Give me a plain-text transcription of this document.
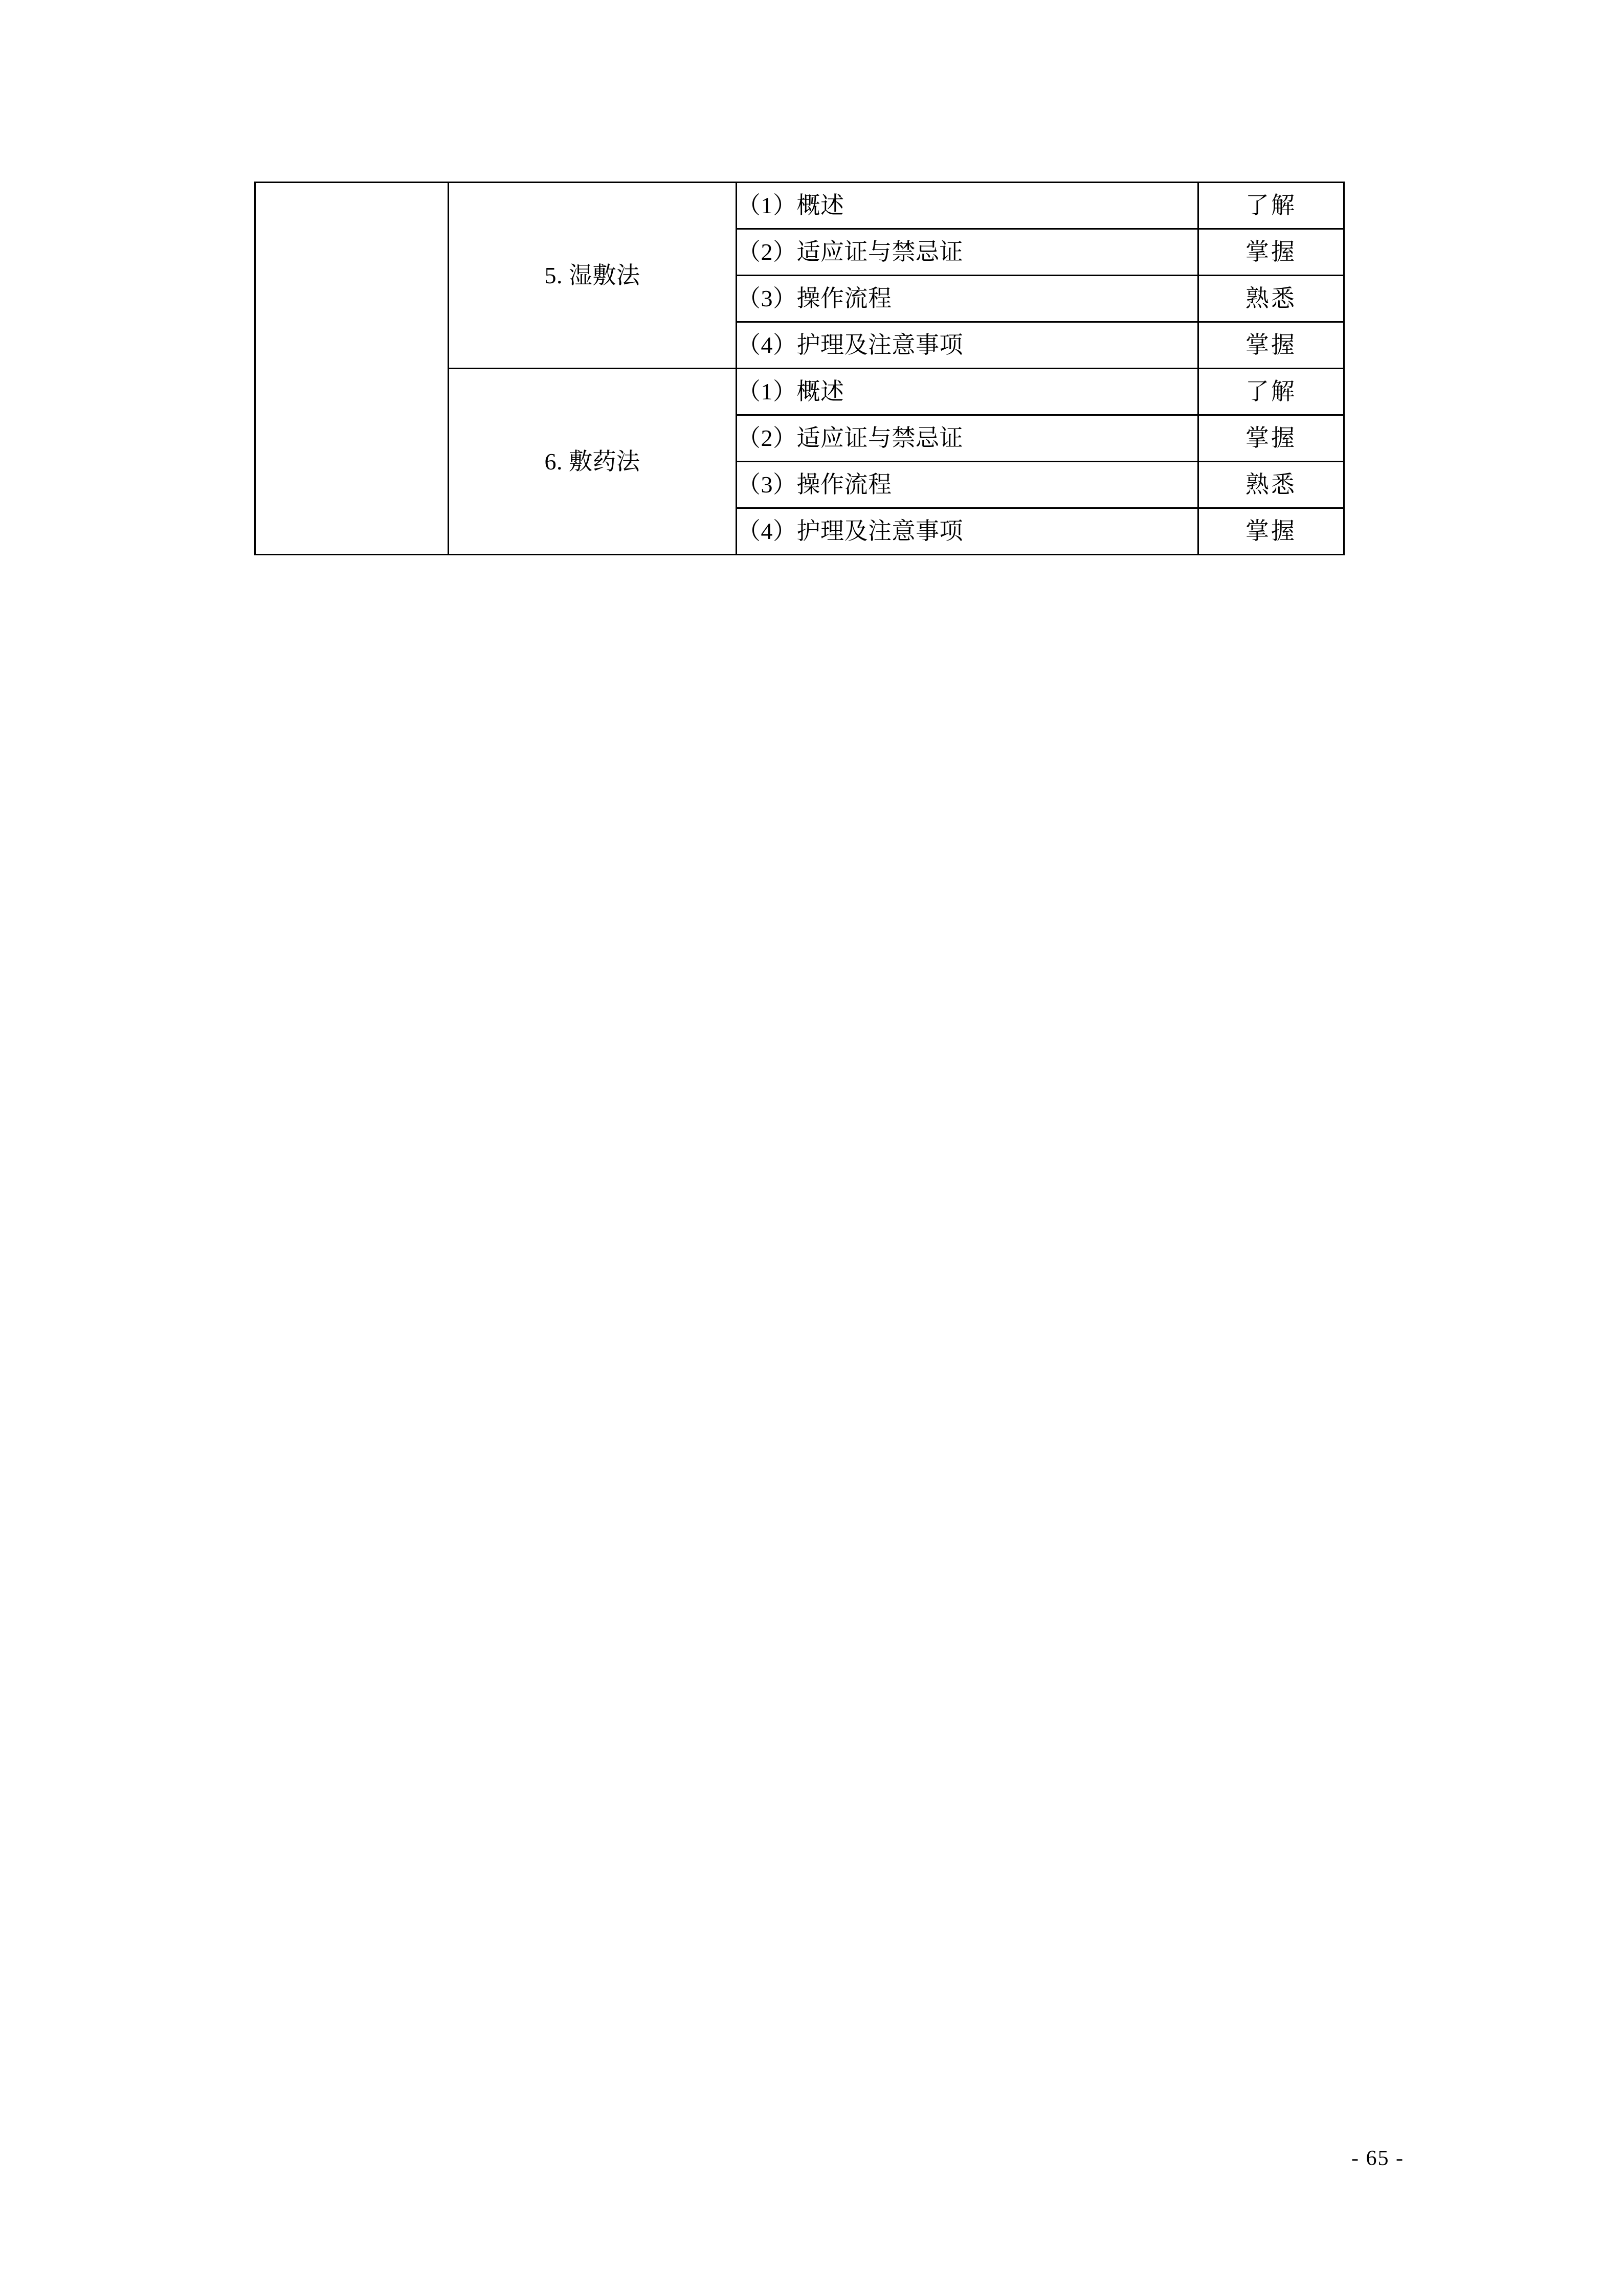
	5. 湿敷法	（1）概述	了解
		（2）适应证与禁忌证	掌握
		（3）操作流程	熟悉
		（4）护理及注意事项	掌握

	6. 敷药法	（1）概述	了解
		（2）适应证与禁忌证	掌握
		（3）操作流程	熟悉
		（4）护理及注意事项	掌握
- 65 -
